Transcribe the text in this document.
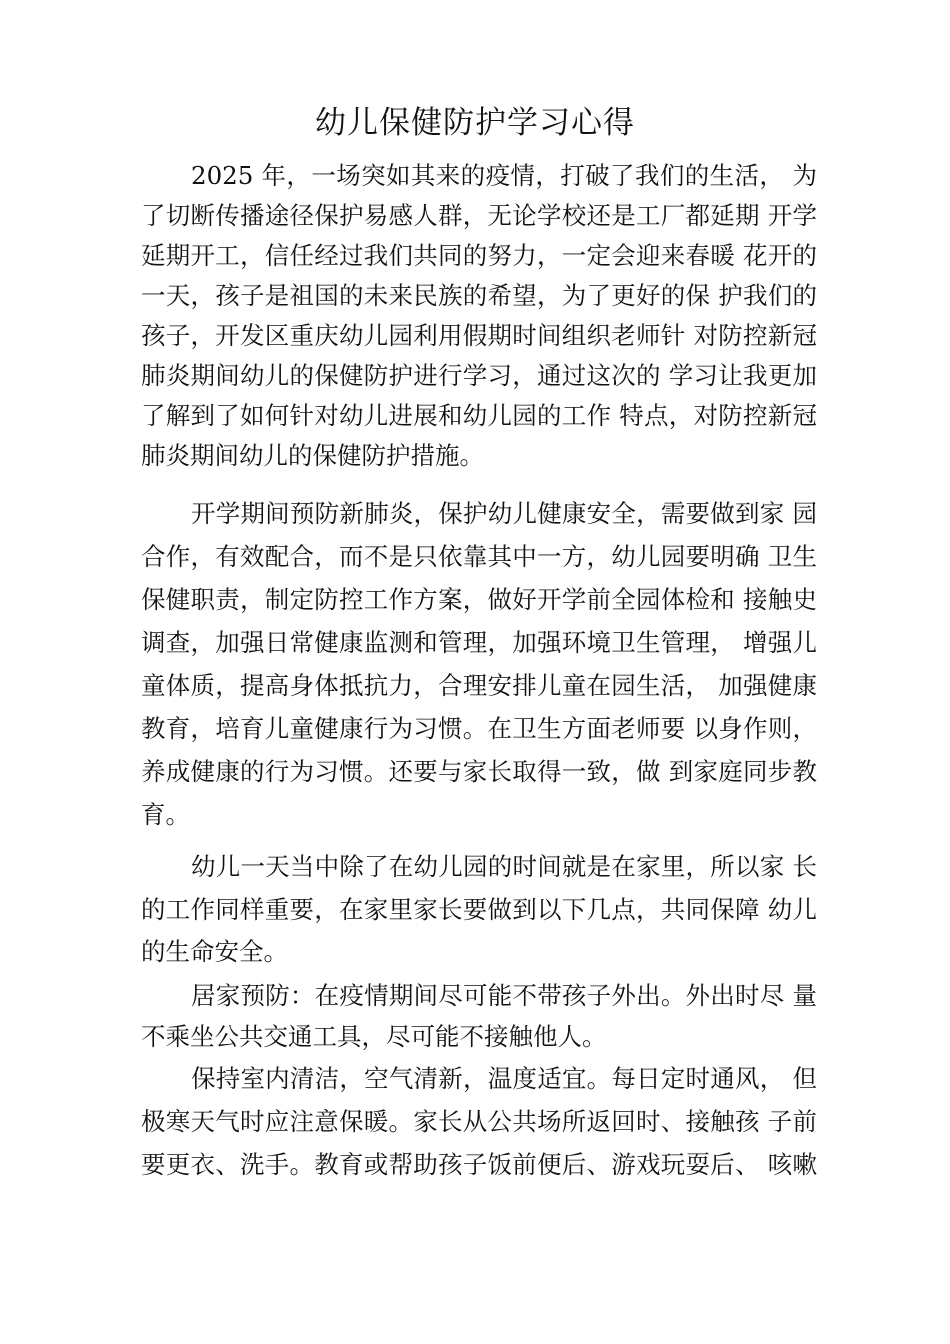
幼儿保健防护学习心得
2025 年，一场突如其来的疫情，打破了我们的生活， 为
了切断传播途径保护易感人群，无论学校还是工厂都延期 开学
延期开工，信任经过我们共同的努力，一定会迎来春暖 花开的
一天，孩子是祖国的未来民族的希望，为了更好的保 护我们的
孩子，开发区重庆幼儿园利用假期时间组织老师针 对防控新冠
肺炎期间幼儿的保健防护进行学习，通过这次的 学习让我更加
了解到了如何针对幼儿进展和幼儿园的工作 特点，对防控新冠
肺炎期间幼儿的保健防护措施。
开学期间预防新肺炎，保护幼儿健康安全，需要做到家 园
合作，有效配合，而不是只依靠其中一方，幼儿园要明确 卫生
保健职责，制定防控工作方案，做好开学前全园体检和 接触史
调查，加强日常健康监测和管理，加强环境卫生管理， 增强儿
童体质，提高身体抵抗力，合理安排儿童在园生活， 加强健康
教育，培育儿童健康行为习惯。在卫生方面老师要 以身作则，
养成健康的行为习惯。还要与家长取得一致，做 到家庭同步教
育。
幼儿一天当中除了在幼儿园的时间就是在家里，所以家 长
的工作同样重要，在家里家长要做到以下几点，共同保障 幼儿
的生命安全。
居家预防：在疫情期间尽可能不带孩子外出。外出时尽 量
不乘坐公共交通工具，尽可能不接触他人。
保持室内清洁，空气清新，温度适宜。每日定时通风， 但
极寒天气时应注意保暖。家长从公共场所返回时、接触孩 子前
要更衣、洗手。教育或帮助孩子饭前便后、游戏玩耍后、 咳嗽
